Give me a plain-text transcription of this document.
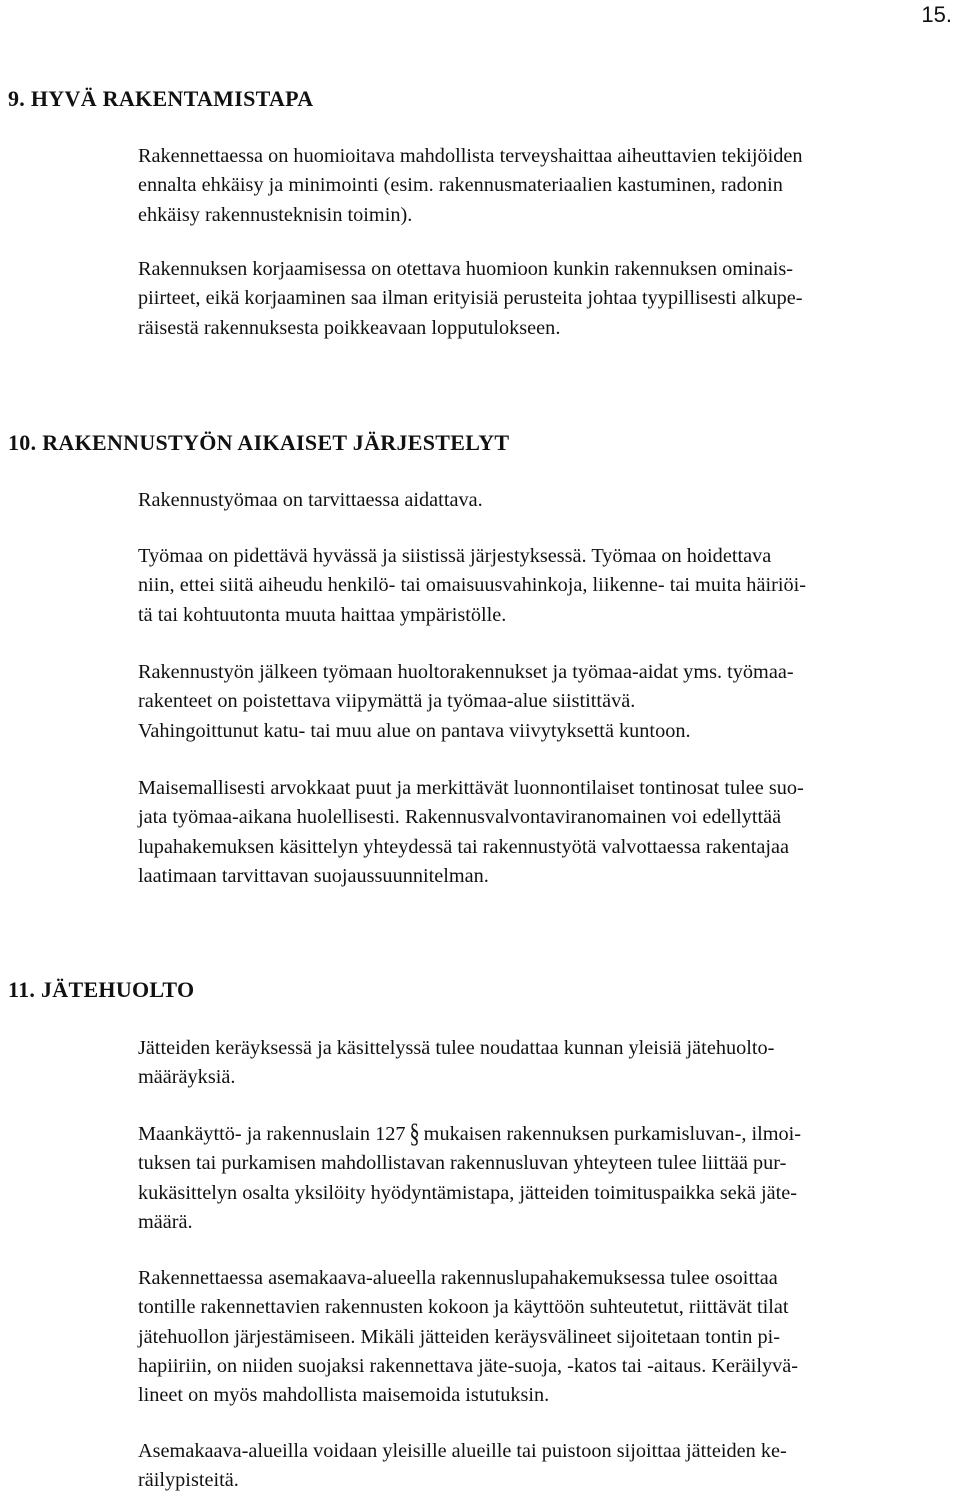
15.
9. HYVÄ RAKENTAMISTAPA
Rakennettaessa on huomioitava mahdollista terveyshaittaa aiheuttavien tekijöiden
ennalta ehkäisy ja minimointi (esim. rakennusmateriaalien kastuminen, radonin
ehkäisy rakennusteknisin toimin).
Rakennuksen korjaamisessa on otettava huomioon kunkin rakennuksen ominais-
piirteet, eikä korjaaminen saa ilman erityisiä perusteita johtaa tyypillisesti alkupe-
räisestä rakennuksesta poikkeavaan lopputulokseen.
10. RAKENNUSTYÖN AIKAISET JÄRJESTELYT
Rakennustyömaa on tarvittaessa aidattava.
Työmaa on pidettävä hyvässä ja siistissä järjestyksessä. Työmaa on hoidettava
niin, ettei siitä aiheudu henkilö- tai omaisuusvahinkoja, liikenne- tai muita häiriöi-
tä tai kohtuutonta muuta haittaa ympäristölle.
Rakennustyön jälkeen työmaan huoltorakennukset ja työmaa-aidat yms. työmaa-
rakenteet on poistettava viipymättä ja työmaa-alue siistittävä.
Vahingoittunut katu- tai muu alue on pantava viivytyksettä kuntoon.
Maisemallisesti arvokkaat puut ja merkittävät luonnontilaiset tontinosat tulee suo-
jata työmaa-aikana huolellisesti. Rakennusvalvontaviranomainen voi edellyttää
lupahakemuksen käsittelyn yhteydessä tai rakennustyötä valvottaessa rakentajaa
laatimaan tarvittavan suojaussuunnitelman.
11. JÄTEHUOLTO
Jätteiden keräyksessä ja käsittelyssä tulee noudattaa kunnan yleisiä jätehuolto-
määräyksiä.
Maankäyttö- ja rakennuslain 127 § mukaisen rakennuksen purkamisluvan-, ilmoi-
tuksen tai purkamisen mahdollistavan rakennusluvan yhteyteen tulee liittää pur-
kukäsittelyn osalta yksilöity hyödyntämistapa, jätteiden toimituspaikka sekä jäte-
määrä.
Rakennettaessa asemakaava-alueella rakennuslupahakemuksessa tulee osoittaa
tontille rakennettavien rakennusten kokoon ja käyttöön suhteutetut, riittävät tilat
jätehuollon järjestämiseen. Mikäli jätteiden keräysvälineet sijoitetaan tontin pi-
hapiiriin, on niiden suojaksi rakennettava jäte-suoja, -katos tai -aitaus. Keräilyvä-
lineet on myös mahdollista maisemoida istutuksin.
Asemakaava-alueilla voidaan yleisille alueille tai puistoon sijoittaa jätteiden ke-
räilypisteitä.
